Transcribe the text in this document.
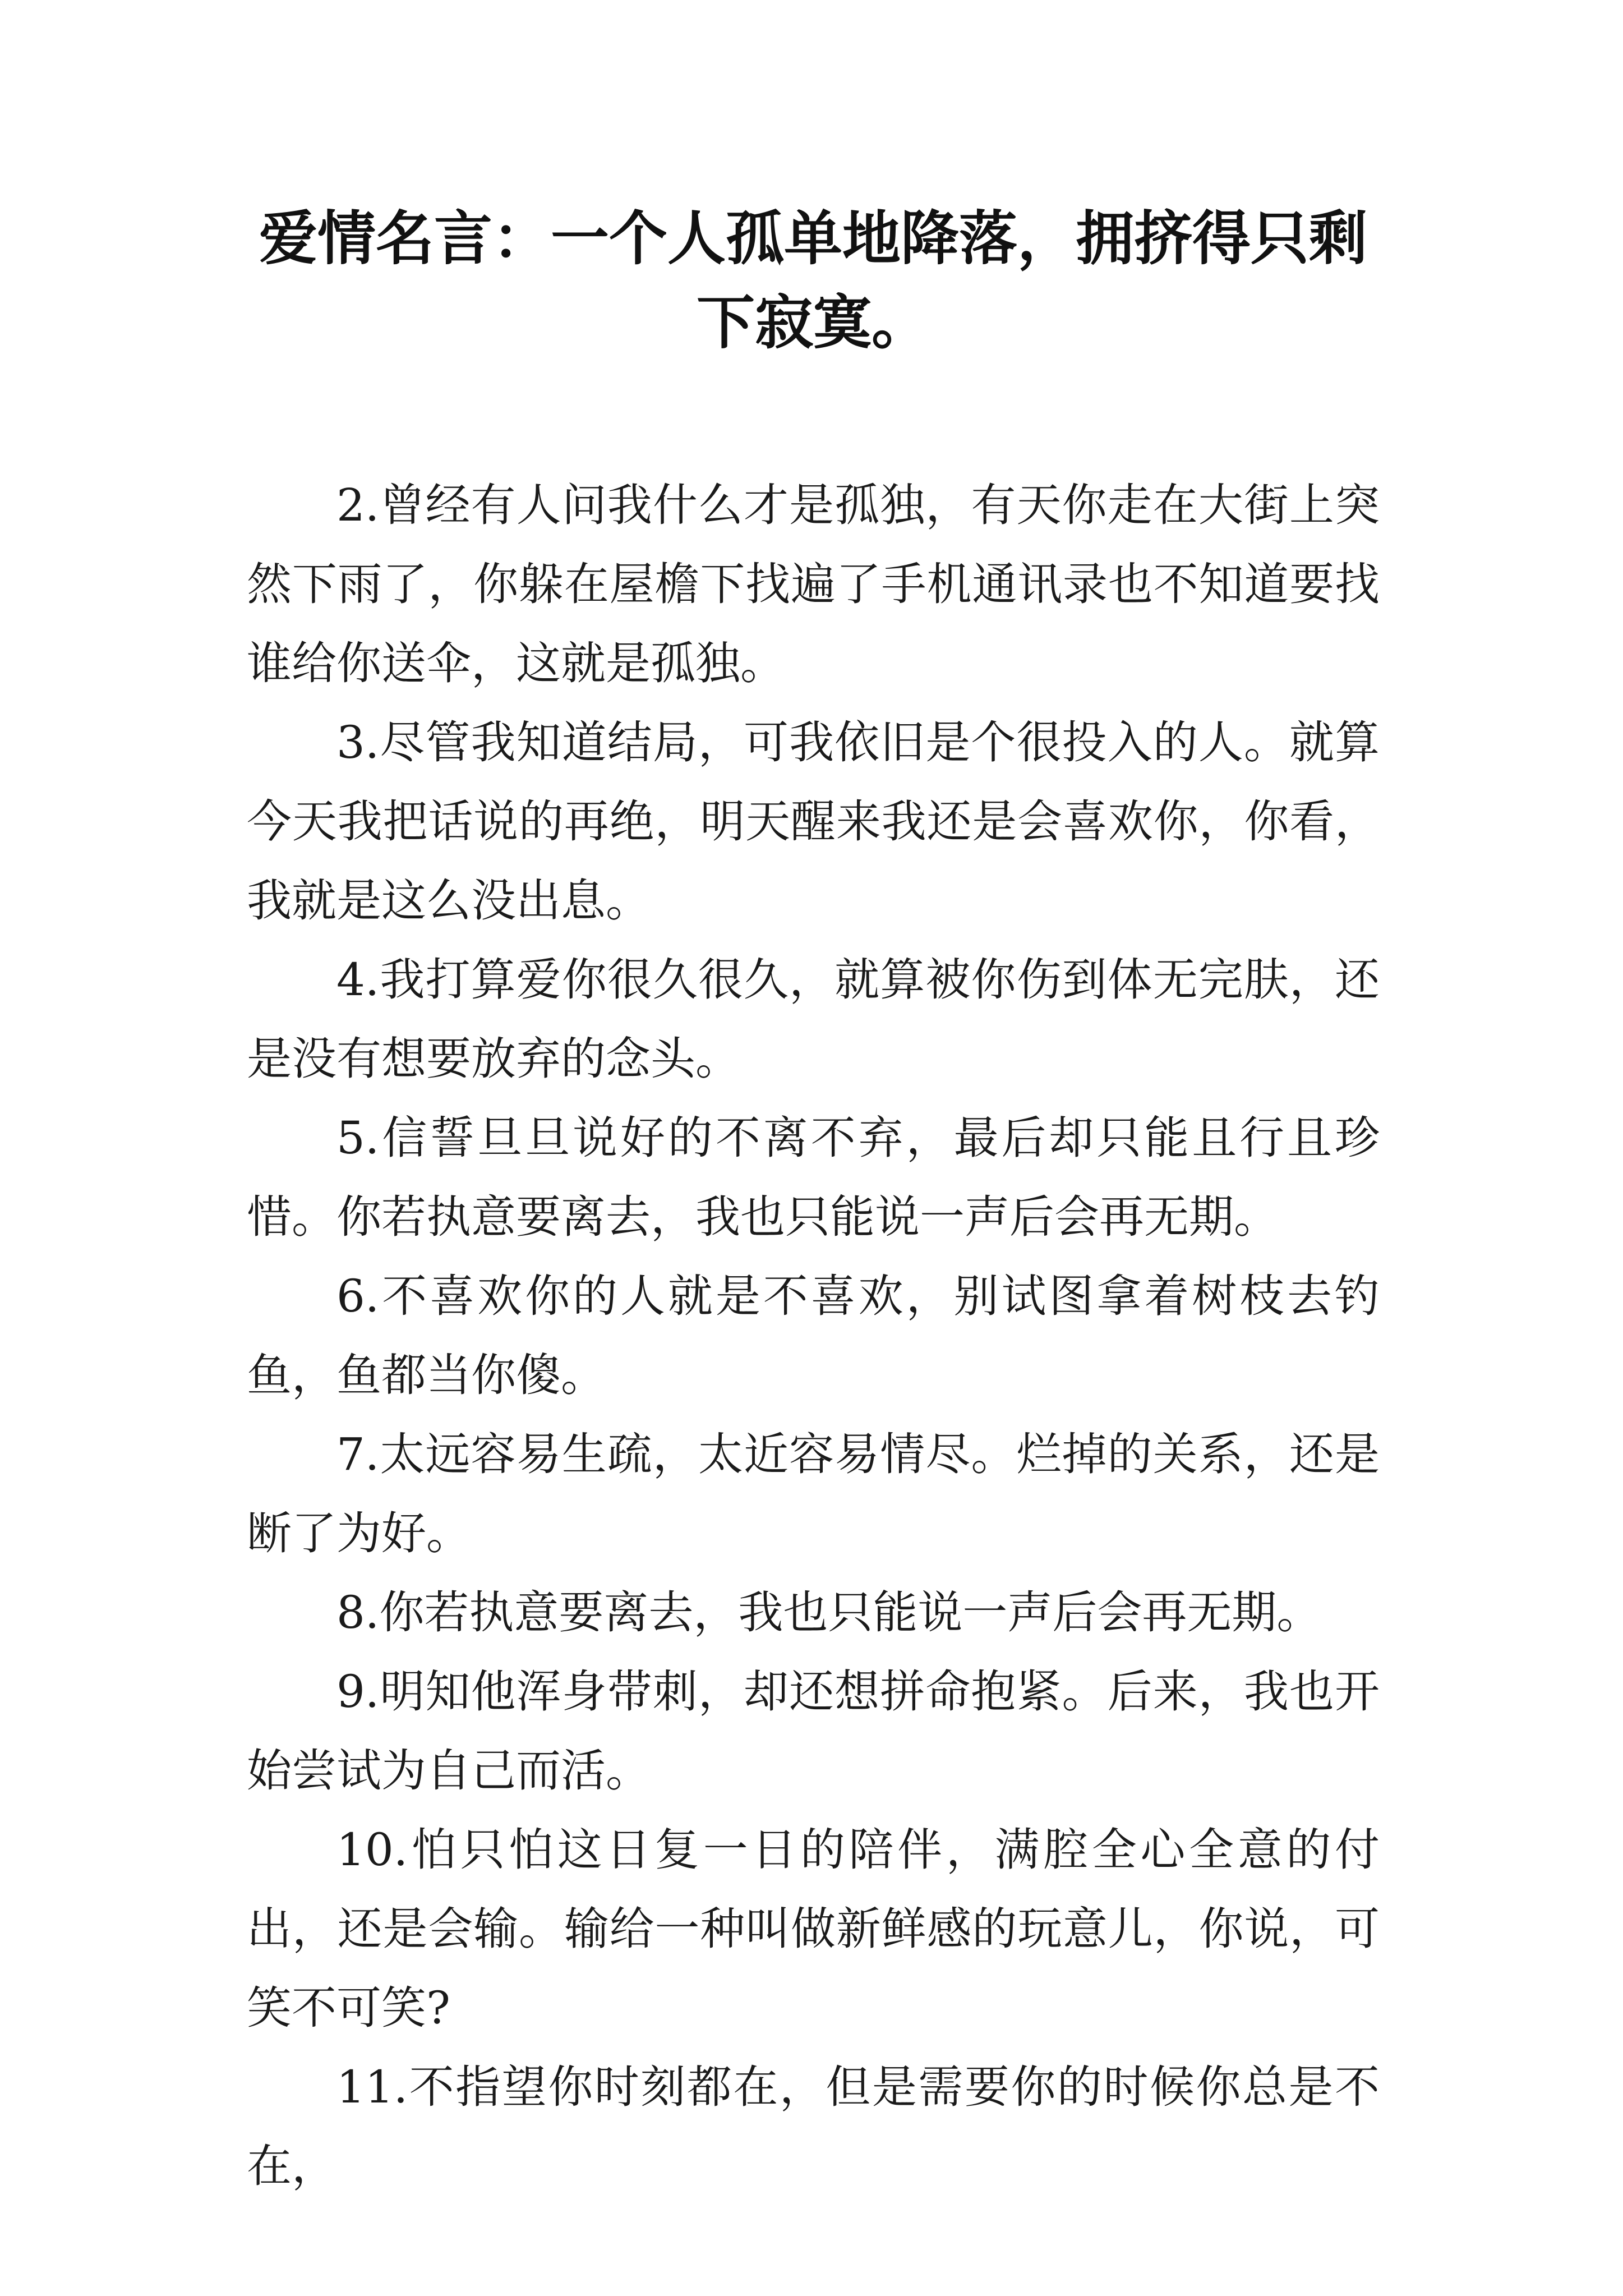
爱情名言：一个人孤单地降落，拥挤得只剩下寂寞。

2.曾经有人问我什么才是孤独，有天你走在大街上突然下雨了，你躲在屋檐下找遍了手机通讯录也不知道要找谁给你送伞，这就是孤独。

3.尽管我知道结局，可我依旧是个很投入的人。就算今天我把话说的再绝，明天醒来我还是会喜欢你，你看，我就是这么没出息。

4.我打算爱你很久很久，就算被你伤到体无完肤，还是没有想要放弃的念头。

5.信誓旦旦说好的不离不弃，最后却只能且行且珍惜。你若执意要离去，我也只能说一声后会再无期。

6.不喜欢你的人就是不喜欢，别试图拿着树枝去钓鱼，鱼都当你傻。

7.太远容易生疏，太近容易情尽。烂掉的关系，还是断了为好。

8.你若执意要离去，我也只能说一声后会再无期。

9.明知他浑身带刺，却还想拼命抱紧。后来，我也开始尝试为自己而活。

10.怕只怕这日复一日的陪伴，满腔全心全意的付出，还是会输。输给一种叫做新鲜感的玩意儿，你说，可笑不可笑?

11.不指望你时刻都在，但是需要你的时候你总是不在，
